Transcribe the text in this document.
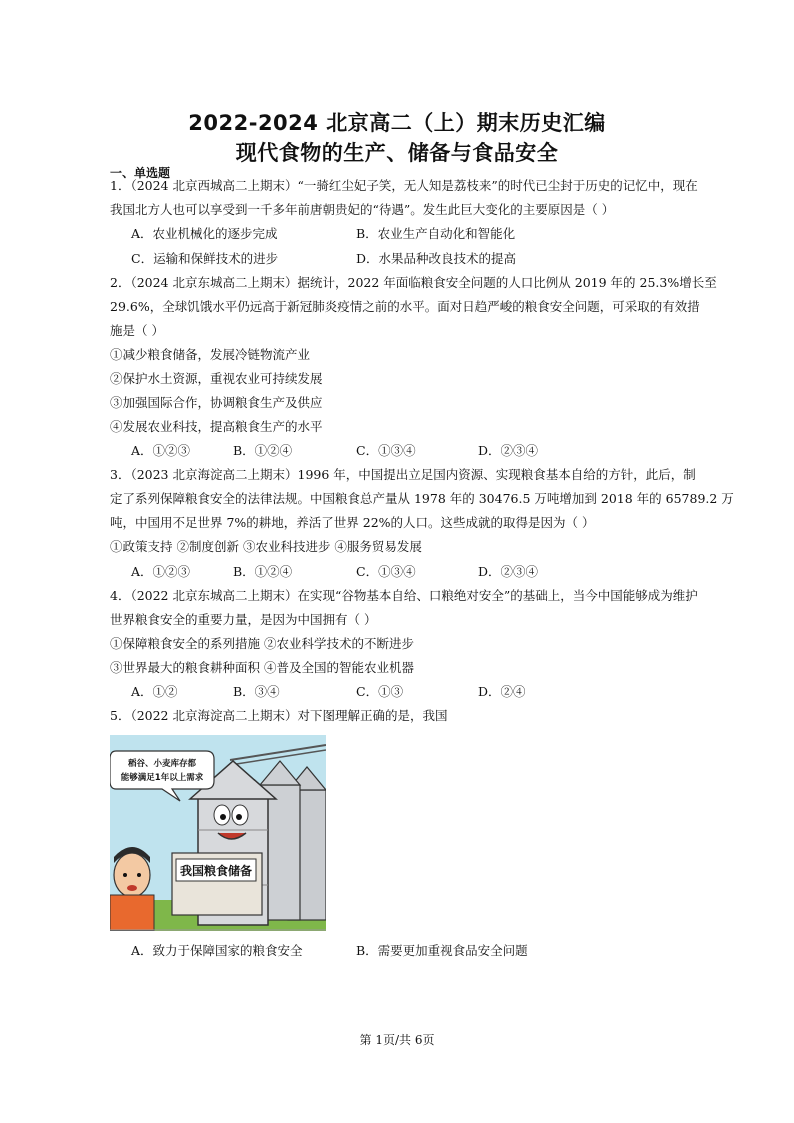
2022-2024 北京高二（上）期末历史汇编
现代食物的生产、储备与食品安全
一、单选题
1．（2024 北京西城高二上期末）“一骑红尘妃子笑，无人知是荔枝来”的时代已尘封于历史的记忆中，现在
我国北方人也可以享受到一千多年前唐朝贵妃的“待遇”。发生此巨大变化的主要原因是（ ）
A．农业机械化的逐步完成	B．农业生产自动化和智能化
C．运输和保鲜技术的进步	D．水果品种改良技术的提高
2．（2024 北京东城高二上期末）据统计，2022 年面临粮食安全问题的人口比例从 2019 年的 25.3%增长至
29.6%，全球饥饿水平仍远高于新冠肺炎疫情之前的水平。面对日趋严峻的粮食安全问题，可采取的有效措
施是（ ）
①减少粮食储备，发展冷链物流产业
②保护水土资源，重视农业可持续发展
③加强国际合作，协调粮食生产及供应
④发展农业科技，提高粮食生产的水平
A．①②③	B．①②④	C．①③④	D．②③④
3．（2023 北京海淀高二上期末）1996 年，中国提出立足国内资源、实现粮食基本自给的方针，此后，制
定了系列保障粮食安全的法律法规。中国粮食总产量从 1978 年的 30476.5 万吨增加到 2018 年的 65789.2 万
吨，中国用不足世界 7%的耕地，养活了世界 22%的人口。这些成就的取得是因为（ ）
①政策支持 ②制度创新 ③农业科技进步 ④服务贸易发展
A．①②③	B．①②④	C．①③④	D．②③④
4．（2022 北京东城高二上期末）在实现“谷物基本自给、口粮绝对安全”的基础上，当今中国能够成为维护
世界粮食安全的重要力量，是因为中国拥有（ ）
①保障粮食安全的系列措施 ②农业科学技术的不断进步
③世界最大的粮食耕种面积 ④普及全国的智能农业机器
A．①②	B．③④	C．①③	D．②④
5．（2022 北京海淀高二上期末）对下图理解正确的是，我国
我国粮食储备
稻谷、小麦库存都
能够满足1年以上需求
A．致力于保障国家的粮食安全	B．需要更加重视食品安全问题
第 1页/共 6页
